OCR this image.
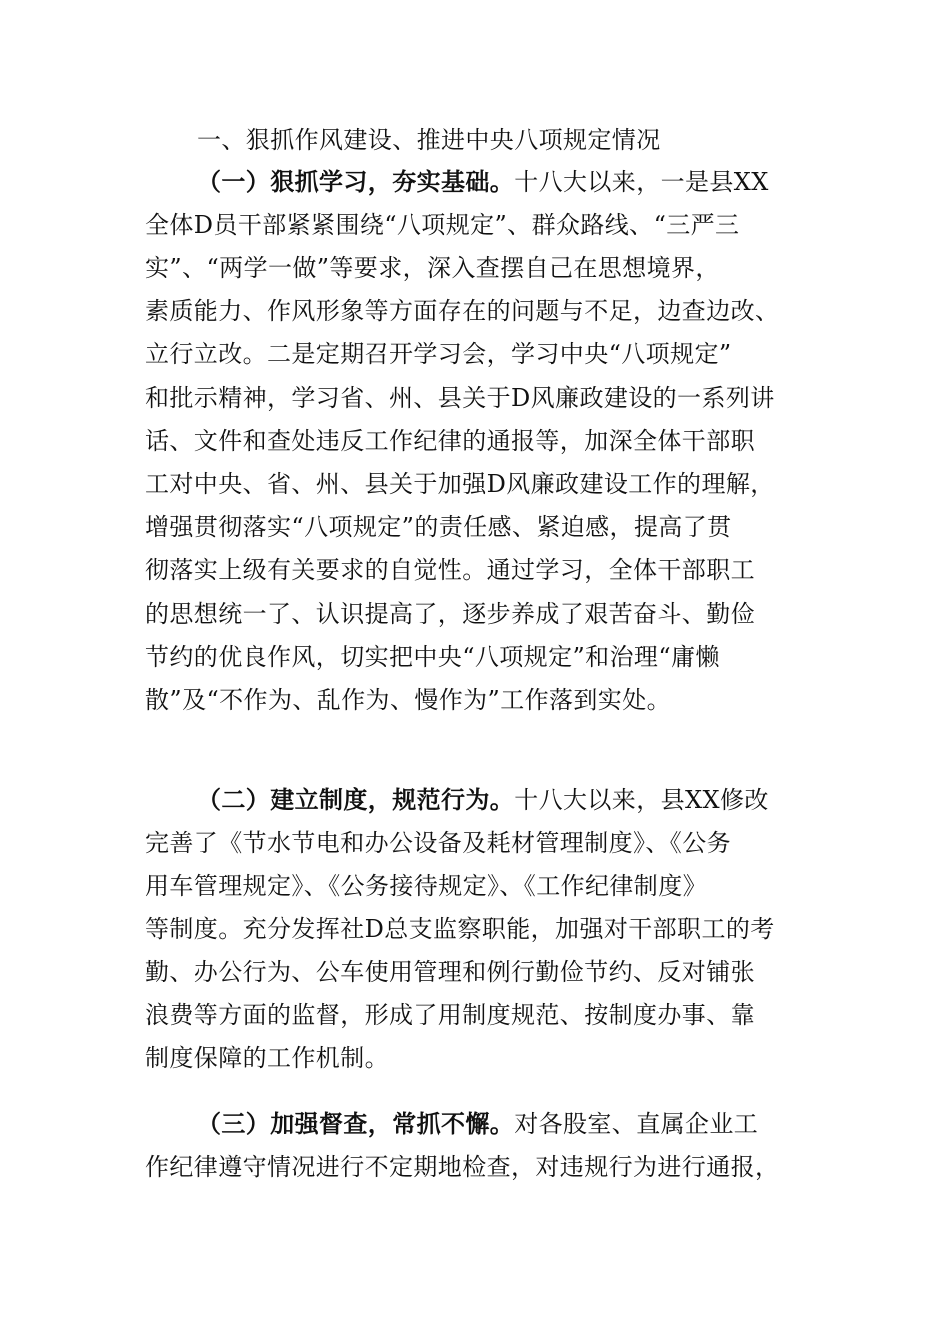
一、狠抓作风建设、推进中央八项规定情况
（一）狠抓学习，夯实基础。十八大以来，一是县XX
全体D员干部紧紧围绕“八项规定”、群众路线、“三严三
实”、“两学一做”等要求，深入查摆自己在思想境界，
素质能力、作风形象等方面存在的问题与不足，边查边改、
立行立改。二是定期召开学习会，学习中央“八项规定”
和批示精神，学习省、州、县关于D风廉政建设的一系列讲
话、文件和查处违反工作纪律的通报等，加深全体干部职
工对中央、省、州、县关于加强D风廉政建设工作的理解，
增强贯彻落实“八项规定”的责任感、紧迫感，提高了贯
彻落实上级有关要求的自觉性。通过学习，全体干部职工
的思想统一了、认识提高了，逐步养成了艰苦奋斗、勤俭
节约的优良作风，切实把中央“八项规定”和治理“庸懒
散”及“不作为、乱作为、慢作为”工作落到实处。
（二）建立制度，规范行为。十八大以来，县XX修改
完善了《节水节电和办公设备及耗材管理制度》、《公务
用车管理规定》、《公务接待规定》、《工作纪律制度》
等制度。充分发挥社D总支监察职能，加强对干部职工的考
勤、办公行为、公车使用管理和例行勤俭节约、反对铺张
浪费等方面的监督，形成了用制度规范、按制度办事、靠
制度保障的工作机制。
（三）加强督查，常抓不懈。对各股室、直属企业工
作纪律遵守情况进行不定期地检查，对违规行为进行通报，
